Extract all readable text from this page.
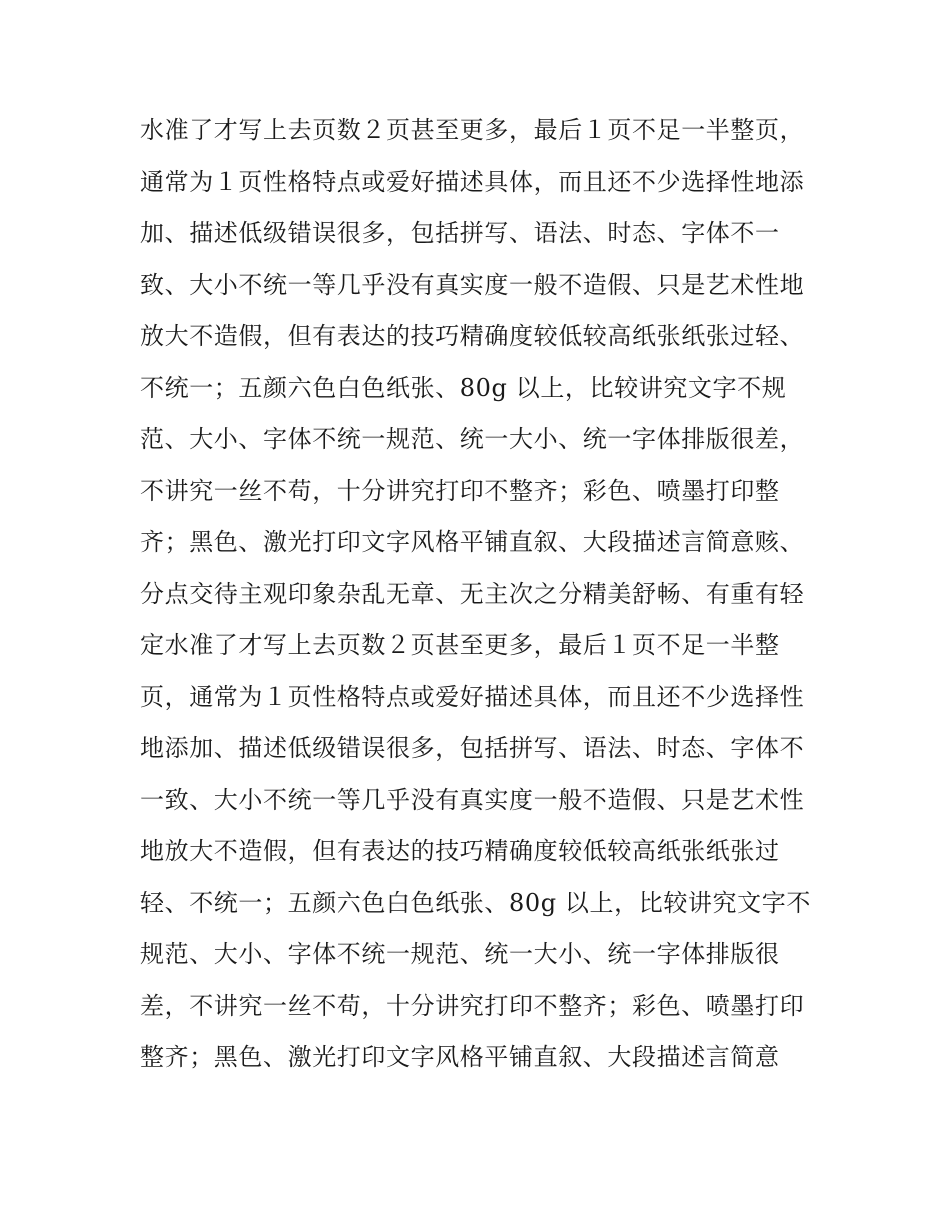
水准了才写上去页数２页甚至更多，最后１页不足一半整页，
通常为１页性格特点或爱好描述具体，而且还不少选择性地添
加、描述低级错误很多，包括拼写、语法、时态、字体不一
致、大小不统一等几乎没有真实度一般不造假、只是艺术性地
放大不造假，但有表达的技巧精确度较低较高纸张纸张过轻、
不统一；五颜六色白色纸张、80g 以上，比较讲究文字不规
范、大小、字体不统一规范、统一大小、统一字体排版很差，
不讲究一丝不苟，十分讲究打印不整齐；彩色、喷墨打印整
齐；黑色、激光打印文字风格平铺直叙、大段描述言简意赅、
分点交待主观印象杂乱无章、无主次之分精美舒畅、有重有轻
定水准了才写上去页数２页甚至更多，最后１页不足一半整
页，通常为１页性格特点或爱好描述具体，而且还不少选择性
地添加、描述低级错误很多，包括拼写、语法、时态、字体不
一致、大小不统一等几乎没有真实度一般不造假、只是艺术性
地放大不造假，但有表达的技巧精确度较低较高纸张纸张过
轻、不统一；五颜六色白色纸张、80g 以上，比较讲究文字不
规范、大小、字体不统一规范、统一大小、统一字体排版很
差，不讲究一丝不苟，十分讲究打印不整齐；彩色、喷墨打印
整齐；黑色、激光打印文字风格平铺直叙、大段描述言简意
